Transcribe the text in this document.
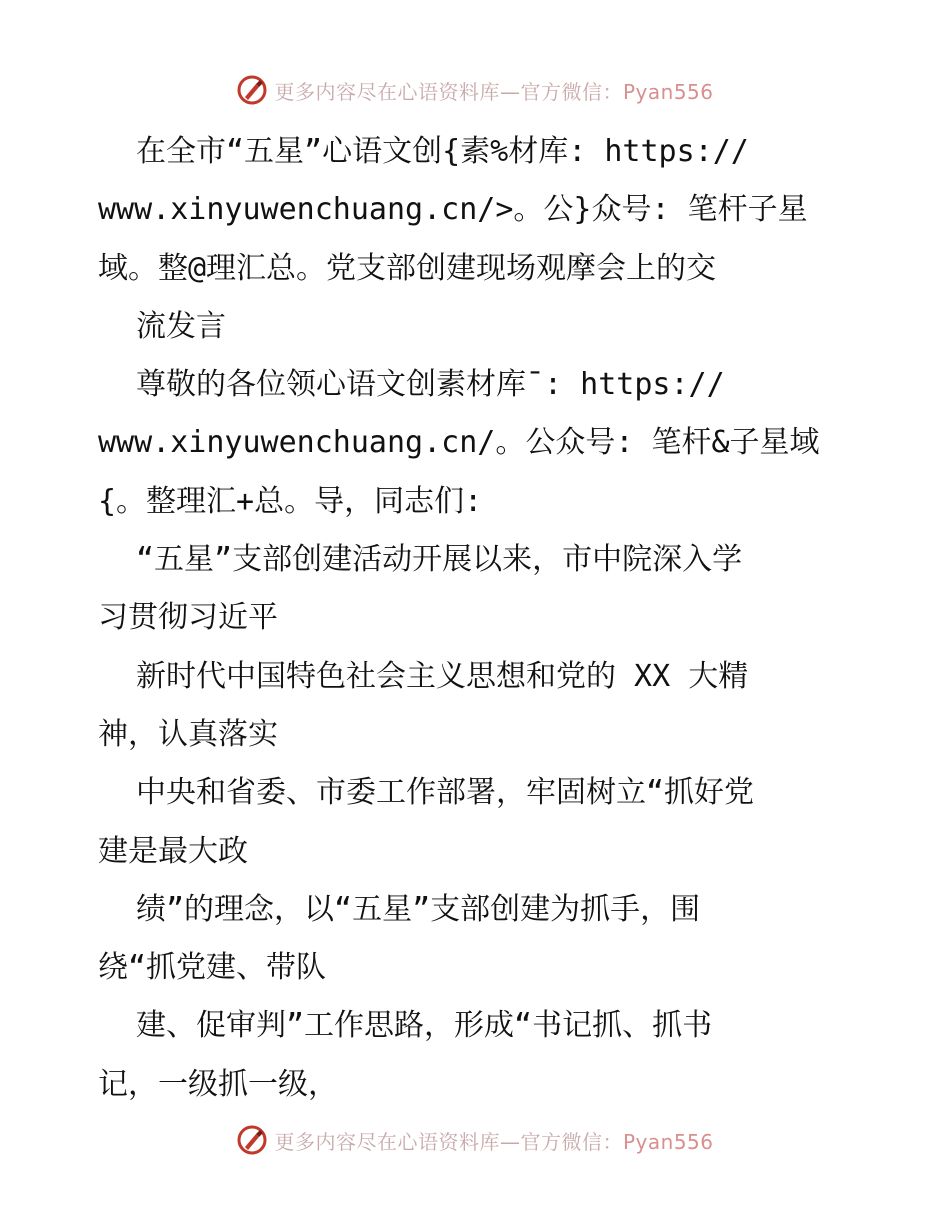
更多内容尽在心语资料库—官方微信：Pyan556
在全市“五星”心语文创{素%材库: https://
www.xinyuwenchuang.cn/>。公}众号: 笔杆子星
域。整@理汇总。党支部创建现场观摩会上的交
流发言
尊敬的各位领心语文创素材库¯: https://
www.xinyuwenchuang.cn/。公众号: 笔杆&子星域
{。整理汇+总。导，同志们:
“五星”支部创建活动开展以来，市中院深入学
习贯彻习近平
新时代中国特色社会主义思想和党的 XX 大精
神，认真落实
中央和省委、市委工作部署，牢固树立“抓好党
建是最大政
绩”的理念，以“五星”支部创建为抓手，围
绕“抓党建、带队
建、促审判”工作思路，形成“书记抓、抓书
记，一级抓一级，
更多内容尽在心语资料库—官方微信：Pyan556
